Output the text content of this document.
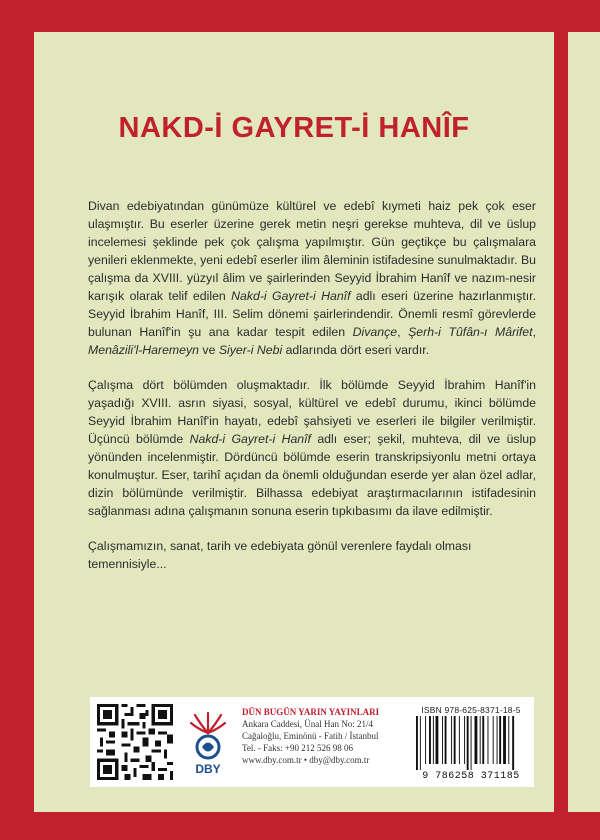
NAKD-İ GAYRET-İ HANÎF

Divan edebiyatından günümüze kültürel ve edebî kıymeti haiz pek çok eser ulaşmıştır. Bu eserler üzerine gerek metin neşri gerekse muhteva, dil ve üslup incelemesi şeklinde pek çok çalışma yapılmıştır. Gün geçtikçe bu çalışmalara yenileri eklenmekte, yeni edebî eserler ilim âleminin istifadesine sunulmaktadır. Bu çalışma da XVIII. yüzyıl âlim ve şairlerinden Seyyid İbrahim Hanîf ve nazım-nesir karışık olarak telif edilen Nakd-i Gayret-i Hanîf adlı eseri üzerine hazırlanmıştır. Seyyid İbrahim Hanîf, III. Selim dönemi şairlerindendir. Önemli resmî görevlerde bulunan Hanîf'in şu ana kadar tespit edilen Divançe, Şerh-i Tûfân-ı Mârifet, Menâzili'l-Haremeyn ve Siyer-i Nebi adlarında dört eseri vardır.

Çalışma dört bölümden oluşmaktadır. İlk bölümde Seyyid İbrahim Hanîf'in yaşadığı XVIII. asrın siyasi, sosyal, kültürel ve edebî durumu, ikinci bölümde Seyyid İbrahim Hanîf'in hayatı, edebî şahsiyeti ve eserleri ile bilgiler verilmiştir. Üçüncü bölümde Nakd-i Gayret-i Hanîf adlı eser; şekil, muhteva, dil ve üslup yönünden incelenmiştir. Dördüncü bölümde eserin transkripsiyonlu metni ortaya konulmuştur. Eser, tarihî açıdan da önemli olduğundan eserde yer alan özel adlar, dizin bölümünde verilmiştir. Bilhassa edebiyat araştırmacılarının istifadesinin sağlanması adına çalışmanın sonuna eserin tıpkıbasımı da ilave edilmiştir.

Çalışmamızın, sanat, tarih ve edebiyata gönül verenlere faydalı olması temennisiyle...

DBY
DÜN BUGÜN YARIN YAYINLARI
Ankara Caddesi, Ünal Han No: 21/4
Cağaloğlu, Eminönü - Fatih / İstanbul
Tel. - Faks: +90 212 526 98 06
www.dby.com.tr • dby@dby.com.tr
ISBN 978-625-8371-18-5
9 786258 371185
